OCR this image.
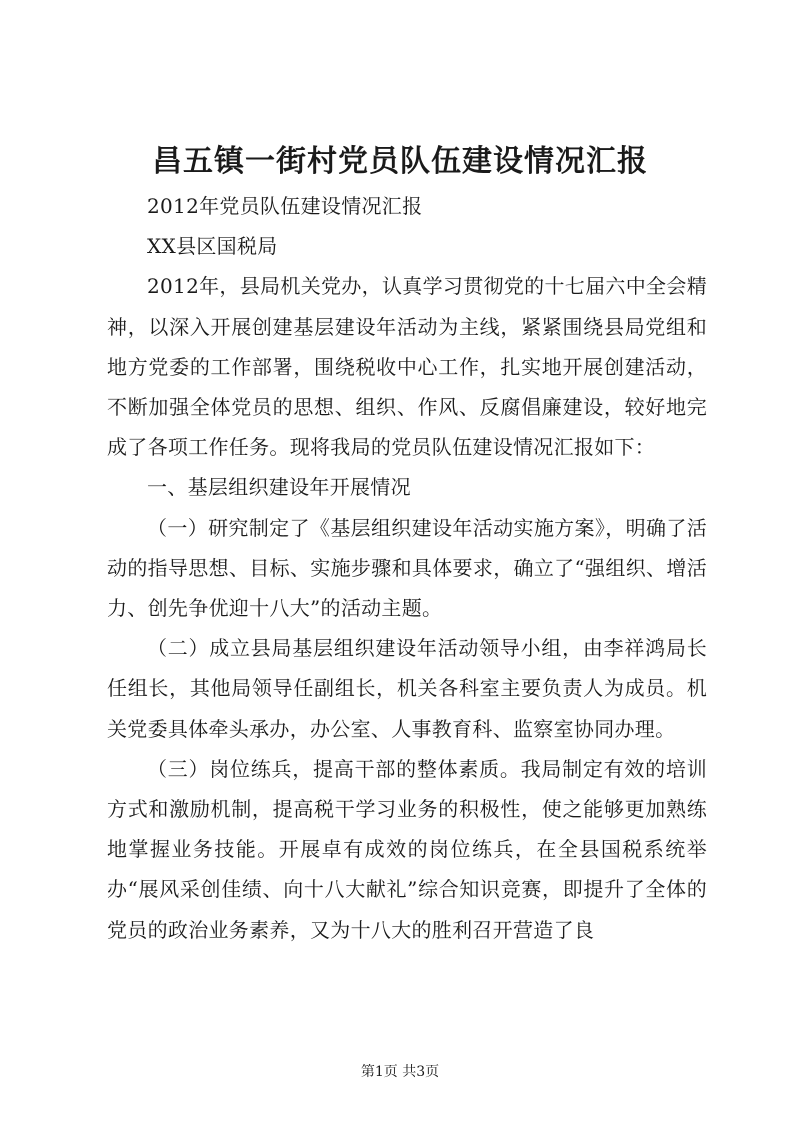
昌五镇一街村党员队伍建设情况汇报

2012年党员队伍建设情况汇报

XX县区国税局

2012年，县局机关党办，认真学习贯彻党的十七届六中全会精神，以深入开展创建基层建设年活动为主线，紧紧围绕县局党组和地方党委的工作部署，围绕税收中心工作，扎实地开展创建活动，不断加强全体党员的思想、组织、作风、反腐倡廉建设，较好地完成了各项工作任务。现将我局的党员队伍建设情况汇报如下：

一、基层组织建设年开展情况

（一）研究制定了《基层组织建设年活动实施方案》，明确了活动的指导思想、目标、实施步骤和具体要求，确立了“强组织、增活力、创先争优迎十八大”的活动主题。

（二）成立县局基层组织建设年活动领导小组，由李祥鸿局长任组长，其他局领导任副组长，机关各科室主要负责人为成员。机关党委具体牵头承办，办公室、人事教育科、监察室协同办理。

（三）岗位练兵，提高干部的整体素质。我局制定有效的培训方式和激励机制，提高税干学习业务的积极性，使之能够更加熟练地掌握业务技能。开展卓有成效的岗位练兵，在全县国税系统举办“展风采创佳绩、向十八大献礼”综合知识竞赛，即提升了全体的党员的政治业务素养，又为十八大的胜利召开营造了良

第1页 共3页
